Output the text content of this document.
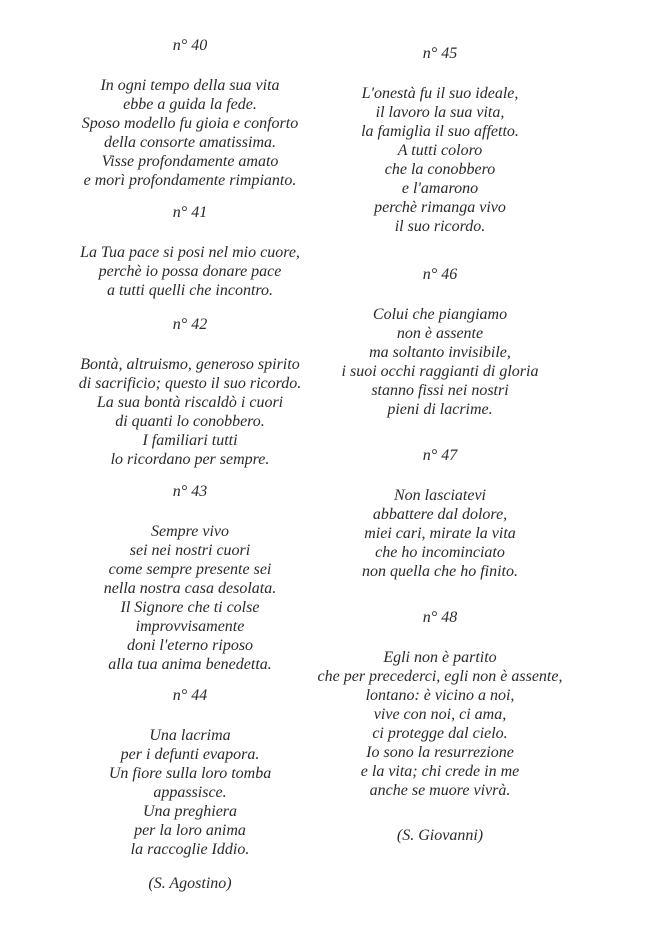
n° 40
In ogni tempo della sua vita
ebbe a guida la fede.
Sposo modello fu gioia e conforto
della consorte amatissima.
Visse profondamente amato
e morì profondamente rimpianto.
n° 41
La Tua pace si posi nel mio cuore,
perchè io possa donare pace
a tutti quelli che incontro.
n° 42
Bontà, altruismo, generoso spirito
di sacrificio; questo il suo ricordo.
La sua bontà riscaldò i cuori
di quanti lo conobbero.
I familiari tutti
lo ricordano per sempre.
n° 43
Sempre vivo
sei nei nostri cuori
come sempre presente sei
nella nostra casa desolata.
Il Signore che ti colse
improvvisamente
doni l'eterno riposo
alla tua anima benedetta.
n° 44
Una lacrima
per i defunti evapora.
Un fiore sulla loro tomba
appassisce.
Una preghiera
per la loro anima
la raccoglie Iddio.
(S. Agostino)
n° 45
L'onestà fu il suo ideale,
il lavoro la sua vita,
la famiglia il suo affetto.
A tutti coloro
che la conobbero
e l'amarono
perchè rimanga vivo
il suo ricordo.
n° 46
Colui che piangiamo
non è assente
ma soltanto invisibile,
i suoi occhi raggianti di gloria
stanno fissi nei nostri
pieni di lacrime.
n° 47
Non lasciatevi
abbattere dal dolore,
miei cari, mirate la vita
che ho incominciato
non quella che ho finito.
n° 48
Egli non è partito
che per precederci, egli non è assente,
lontano: è vicino a noi,
vive con noi, ci ama,
ci protegge dal cielo.
Io sono la resurrezione
e la vita; chi crede in me
anche se muore vivrà.
(S. Giovanni)
